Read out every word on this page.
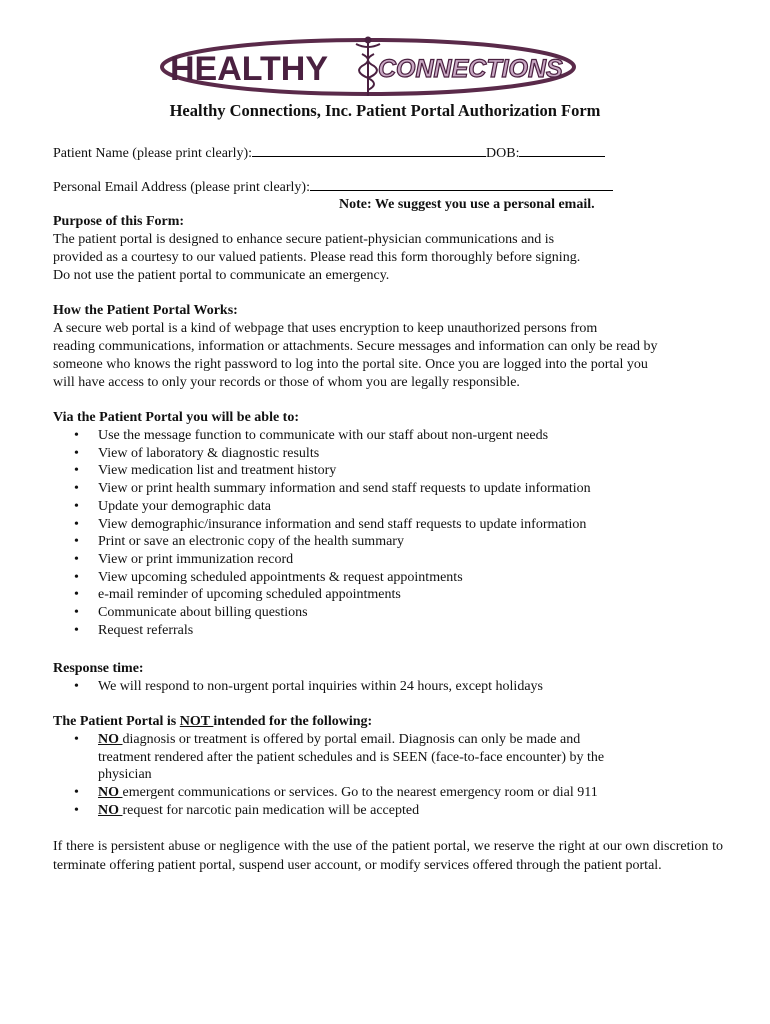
HEALTHY CONNECTIONS
Healthy Connections, Inc. Patient Portal Authorization Form
Patient Name (please print clearly):	DOB:
Personal Email Address (please print clearly):
Note: We suggest you use a personal email.
Purpose of this Form:

The patient portal is designed to enhance secure patient-physician communications and is

provided as a courtesy to our valued patients. Please read this form thoroughly before signing.

Do not use the patient portal to communicate an emergency.

How the Patient Portal Works:

A secure web portal is a kind of webpage that uses encryption to keep unauthorized persons from

reading communications, information or attachments. Secure messages and information can only be read by

someone who knows the right password to log into the portal site. Once you are logged into the portal you

will have access to only your records or those of whom you are legally responsible.

Via the Patient Portal you will be able to:
• Use the message function to communicate with our staff about non-urgent needs
• View of laboratory & diagnostic results
• View medication list and treatment history
• View or print health summary information and send staff requests to update information
• Update your demographic data
• View demographic/insurance information and send staff requests to update information
• Print or save an electronic copy of the health summary
• View or print immunization record
• View upcoming scheduled appointments & request appointments
• e-mail reminder of upcoming scheduled appointments
• Communicate about billing questions
• Request referrals
Response time:
• We will respond to non-urgent portal inquiries within 24 hours, except holidays
The Patient Portal is NOT intended for the following:
• NO diagnosis or treatment is offered by portal email. Diagnosis can only be made and
treatment rendered after the patient schedules and is SEEN (face-to-face encounter) by the
physician
• NO emergent communications or services. Go to the nearest emergency room or dial 911
• NO request for narcotic pain medication will be accepted
If there is persistent abuse or negligence with the use of the patient portal, we reserve the right at our own discretion to terminate offering patient portal, suspend user account, or modify services offered through the patient portal.
